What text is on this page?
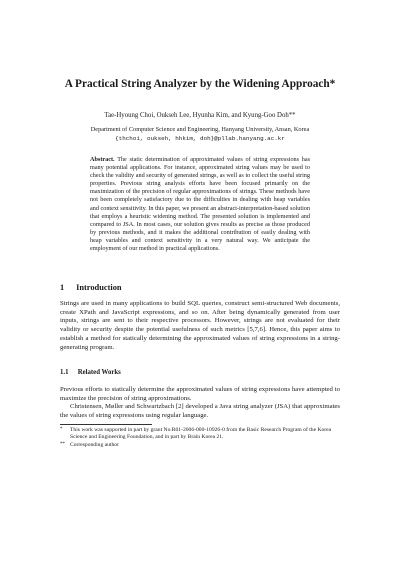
A Practical String Analyzer by the Widening Approach*
Tae-Hyoung Choi, Oukseh Lee, Hyunha Kim, and Kyung-Goo Doh**
Department of Computer Science and Engineering, Hanyang University, Ansan, Korea
{thchoi, oukseh, hhkim, doh}@pllab.hanyang.ac.kr
Abstract. The static determination of approximated values of string expressions has many potential applications. For instance, approximated string values may be used to check the validity and security of generated strings, as well as to collect the useful string properties. Previous string analysis efforts have been focused primarily on the maximization of the precision of regular approximations of strings. These methods have not been completely satisfactory due to the difficulties in dealing with heap variables and context sensitivity. In this paper, we present an abstract-interpretation-based solution that employs a heuristic widening method. The presented solution is implemented and compared to JSA. In most cases, our solution gives results as precise as those produced by previous methods, and it makes the additional contribution of easily dealing with heap variables and context sensitivity in a very natural way. We anticipate the employment of our method in practical applications.
1 Introduction
Strings are used in many applications to build SQL queries, construct semi-structured Web documents, create XPath and JavaScript expressions, and so on. After being dynamically generated from user inputs, strings are sent to their respective processors. However, strings are not evaluated for their validity or security despite the potential usefulness of such metrics [5,7,6]. Hence, this paper aims to establish a method for statically determining the approximated values of string expressions in a string-generating program.
1.1 Related Works
Previous efforts to statically determine the approximated values of string expressions have attempted to maximize the precision of string approximations.
Christensen, Møller and Schwartzbach [2] developed a Java string analyzer (JSA) that approximates the values of string expressions using regular language.
* This work was supported in part by grant No.R01-2006-000-10926-0 from the Basic Research Program of the Korea Science and Engineering Foundation, and in part by Brain Korea 21.
** Corresponding author
